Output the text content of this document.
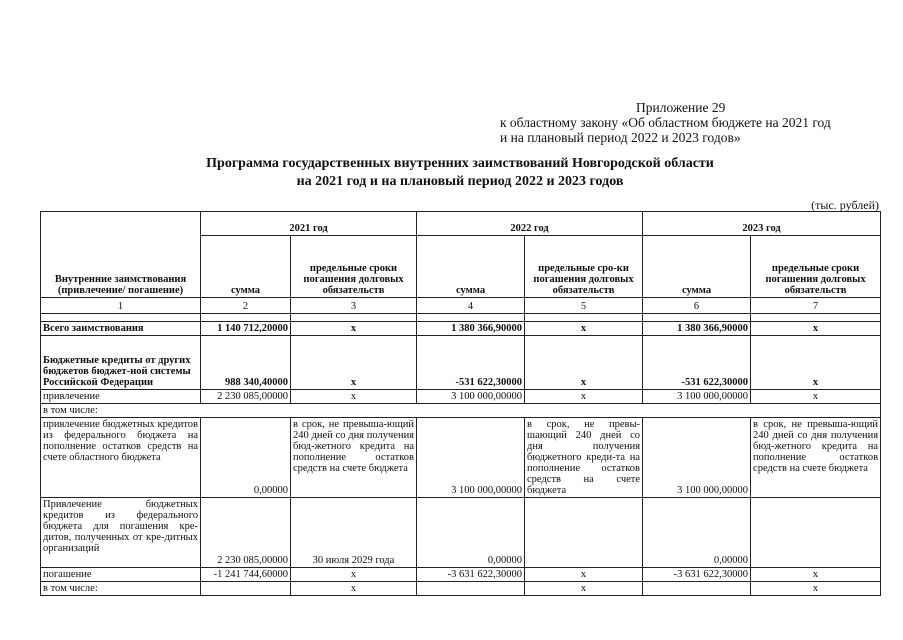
Приложение 29
к областному закону «Об областном бюджете на 2021 год
и на плановый период 2022 и 2023 годов»
Программа государственных внутренних заимствований Новгородской области
на 2021 год и на плановый период 2022 и 2023 годов
(тыс. рублей)
Внутренние заимствования (привлечение/ погашение)	2021 год		2022 год		2023 год	
	сумма	предельные сроки погашения долговых обязательств	сумма	предельные сро-ки погашения долговых обязательств	сумма	предельные сроки погашения долговых обязательств
1	2	3	4	5	6	7

Всего заимствования	1 140 712,20000	x	1 380 366,90000	x	1 380 366,90000	x
Бюджетные кредиты от других бюджетов бюджет-ной системы Российской Федерации	988 340,40000	x	-531 622,30000	x	-531 622,30000	x
привлечение	2 230 085,00000	x	3 100 000,00000	x	3 100 000,00000	x
в том числе:						
привлечение бюджетных кредитов из федерального бюджета на пополнение остатков средств на счете областного бюджета	0,00000	в срок, не превыша-ющий 240 дней со дня получения бюд-жетного кредита на пополнение остатков средств на счете бюджета	3 100 000,00000	в срок, не превы-шающий 240 дней со дня получения бюджетного креди-та на пополнение остатков средств на счете бюджета	3 100 000,00000	в срок, не превыша-ющий 240 дней со дня получения бюд-жетного кредита на пополнение остатков средств на счете бюджета
Привлечение бюджетных кредитов из федерального бюджета для погашения кре-дитов, полученных от кре-дитных организаций	2 230 085,00000	30 июля 2029 года	0,00000		0,00000	
погашение	-1 241 744,60000	x	-3 631 622,30000	x	-3 631 622,30000	x
в том числе:		x		x		x
